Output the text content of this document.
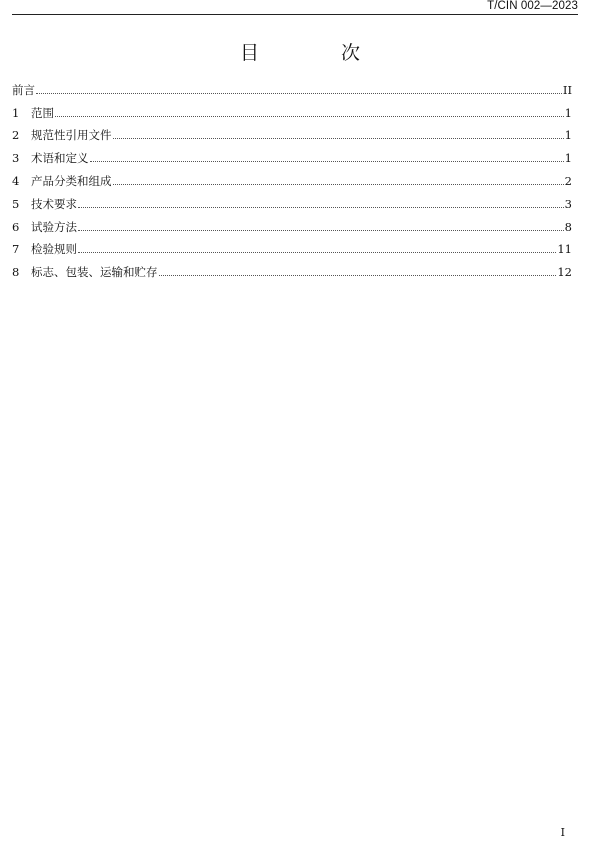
T/CIN 002—2023
目 次
前言	II
1	范围	1
2	规范性引用文件	1
3	术语和定义	1
4	产品分类和组成	2
5	技术要求	3
6	试验方法	8
7	检验规则	11
8	标志、包装、运输和贮存	12
I
